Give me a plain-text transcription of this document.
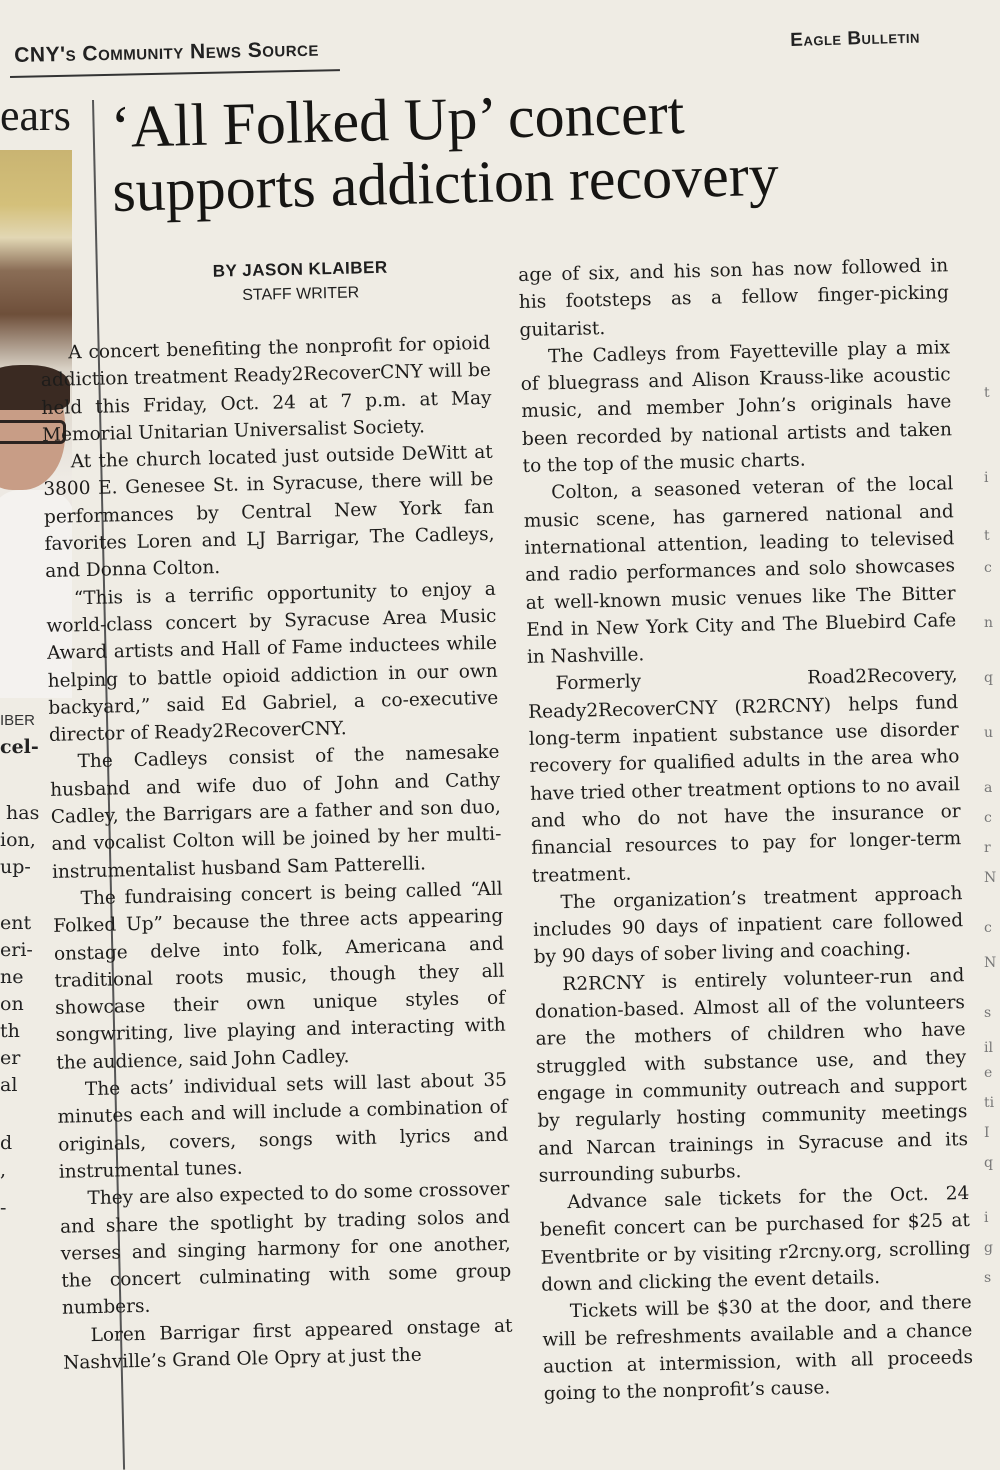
CNY's Community News Source	Eagle Bulletin
ears
IBER
cel-
has
ion,
up-
ent
eri-
ne
on
th
er
al
d
,
-
t
i
t
c
n
q
u
a
c
r
N
c
N
s
il
e
ti
I
q
i
g
s
‘All Folked Up’ concert
supports addiction recovery
BY JASON KLAIBER
STAFF WRITER

A concert benefiting the nonprofit for opioid addiction treatment Ready2RecoverCNY will be held this Friday, Oct. 24 at 7 p.m. at May Memorial Unitarian Universalist Society.

At the church located just outside DeWitt at 3800 E. Genesee St. in Syracuse, there will be performances by Central New York fan favorites Loren and LJ Barrigar, The Cadleys, and Donna Colton.

“This is a terrific opportunity to enjoy a world-class concert by Syracuse Area Music Award artists and Hall of Fame inductees while helping to battle opioid addiction in our own backyard,” said Ed Gabriel, a co-executive director of Ready2RecoverCNY.

The Cadleys consist of the namesake husband and wife duo of John and Cathy Cadley, the Barrigars are a father and son duo, and vocalist Colton will be joined by her multi-instrumentalist husband Sam Patterelli.

The fundraising concert is being called “All Folked Up” because the three acts appearing onstage delve into folk, Americana and traditional roots music, though they all showcase their own unique styles of songwriting, live playing and interacting with the audience, said John Cadley.

The acts’ individual sets will last about 35 minutes each and will include a combination of originals, covers, songs with lyrics and instrumental tunes.

They are also expected to do some crossover and share the spotlight by trading solos and verses and singing harmony for one another, the concert culminating with some group numbers.

Loren Barrigar first appeared onstage at Nashville’s Grand Ole Opry at just the

age of six, and his son has now followed in his footsteps as a fellow finger-picking guitarist.

The Cadleys from Fayetteville play a mix of bluegrass and Alison Krauss-like acoustic music, and member John’s originals have been recorded by national artists and taken to the top of the music charts.

Colton, a seasoned veteran of the local music scene, has garnered national and international attention, leading to televised and radio performances and solo showcases at well-known music venues like The Bitter End in New York City and The Bluebird Cafe in Nashville.

Formerly Road2Recovery, Ready2RecoverCNY (R2RCNY) helps fund long-term inpatient substance use disorder recovery for qualified adults in the area who have tried other treatment options to no avail and who do not have the insurance or financial resources to pay for longer-term treatment.

The organization’s treatment approach includes 90 days of inpatient care followed by 90 days of sober living and coaching.

R2RCNY is entirely volunteer-run and donation-based. Almost all of the volunteers are the mothers of children who have struggled with substance use, and they engage in community outreach and support by regularly hosting community meetings and Narcan trainings in Syracuse and its surrounding suburbs.

Advance sale tickets for the Oct. 24 benefit concert can be purchased for $25 at Eventbrite or by visiting r2rcny.org, scrolling down and clicking the event details.

Tickets will be $30 at the door, and there will be refreshments available and a chance auction at intermission, with all proceeds going to the nonprofit’s cause.
